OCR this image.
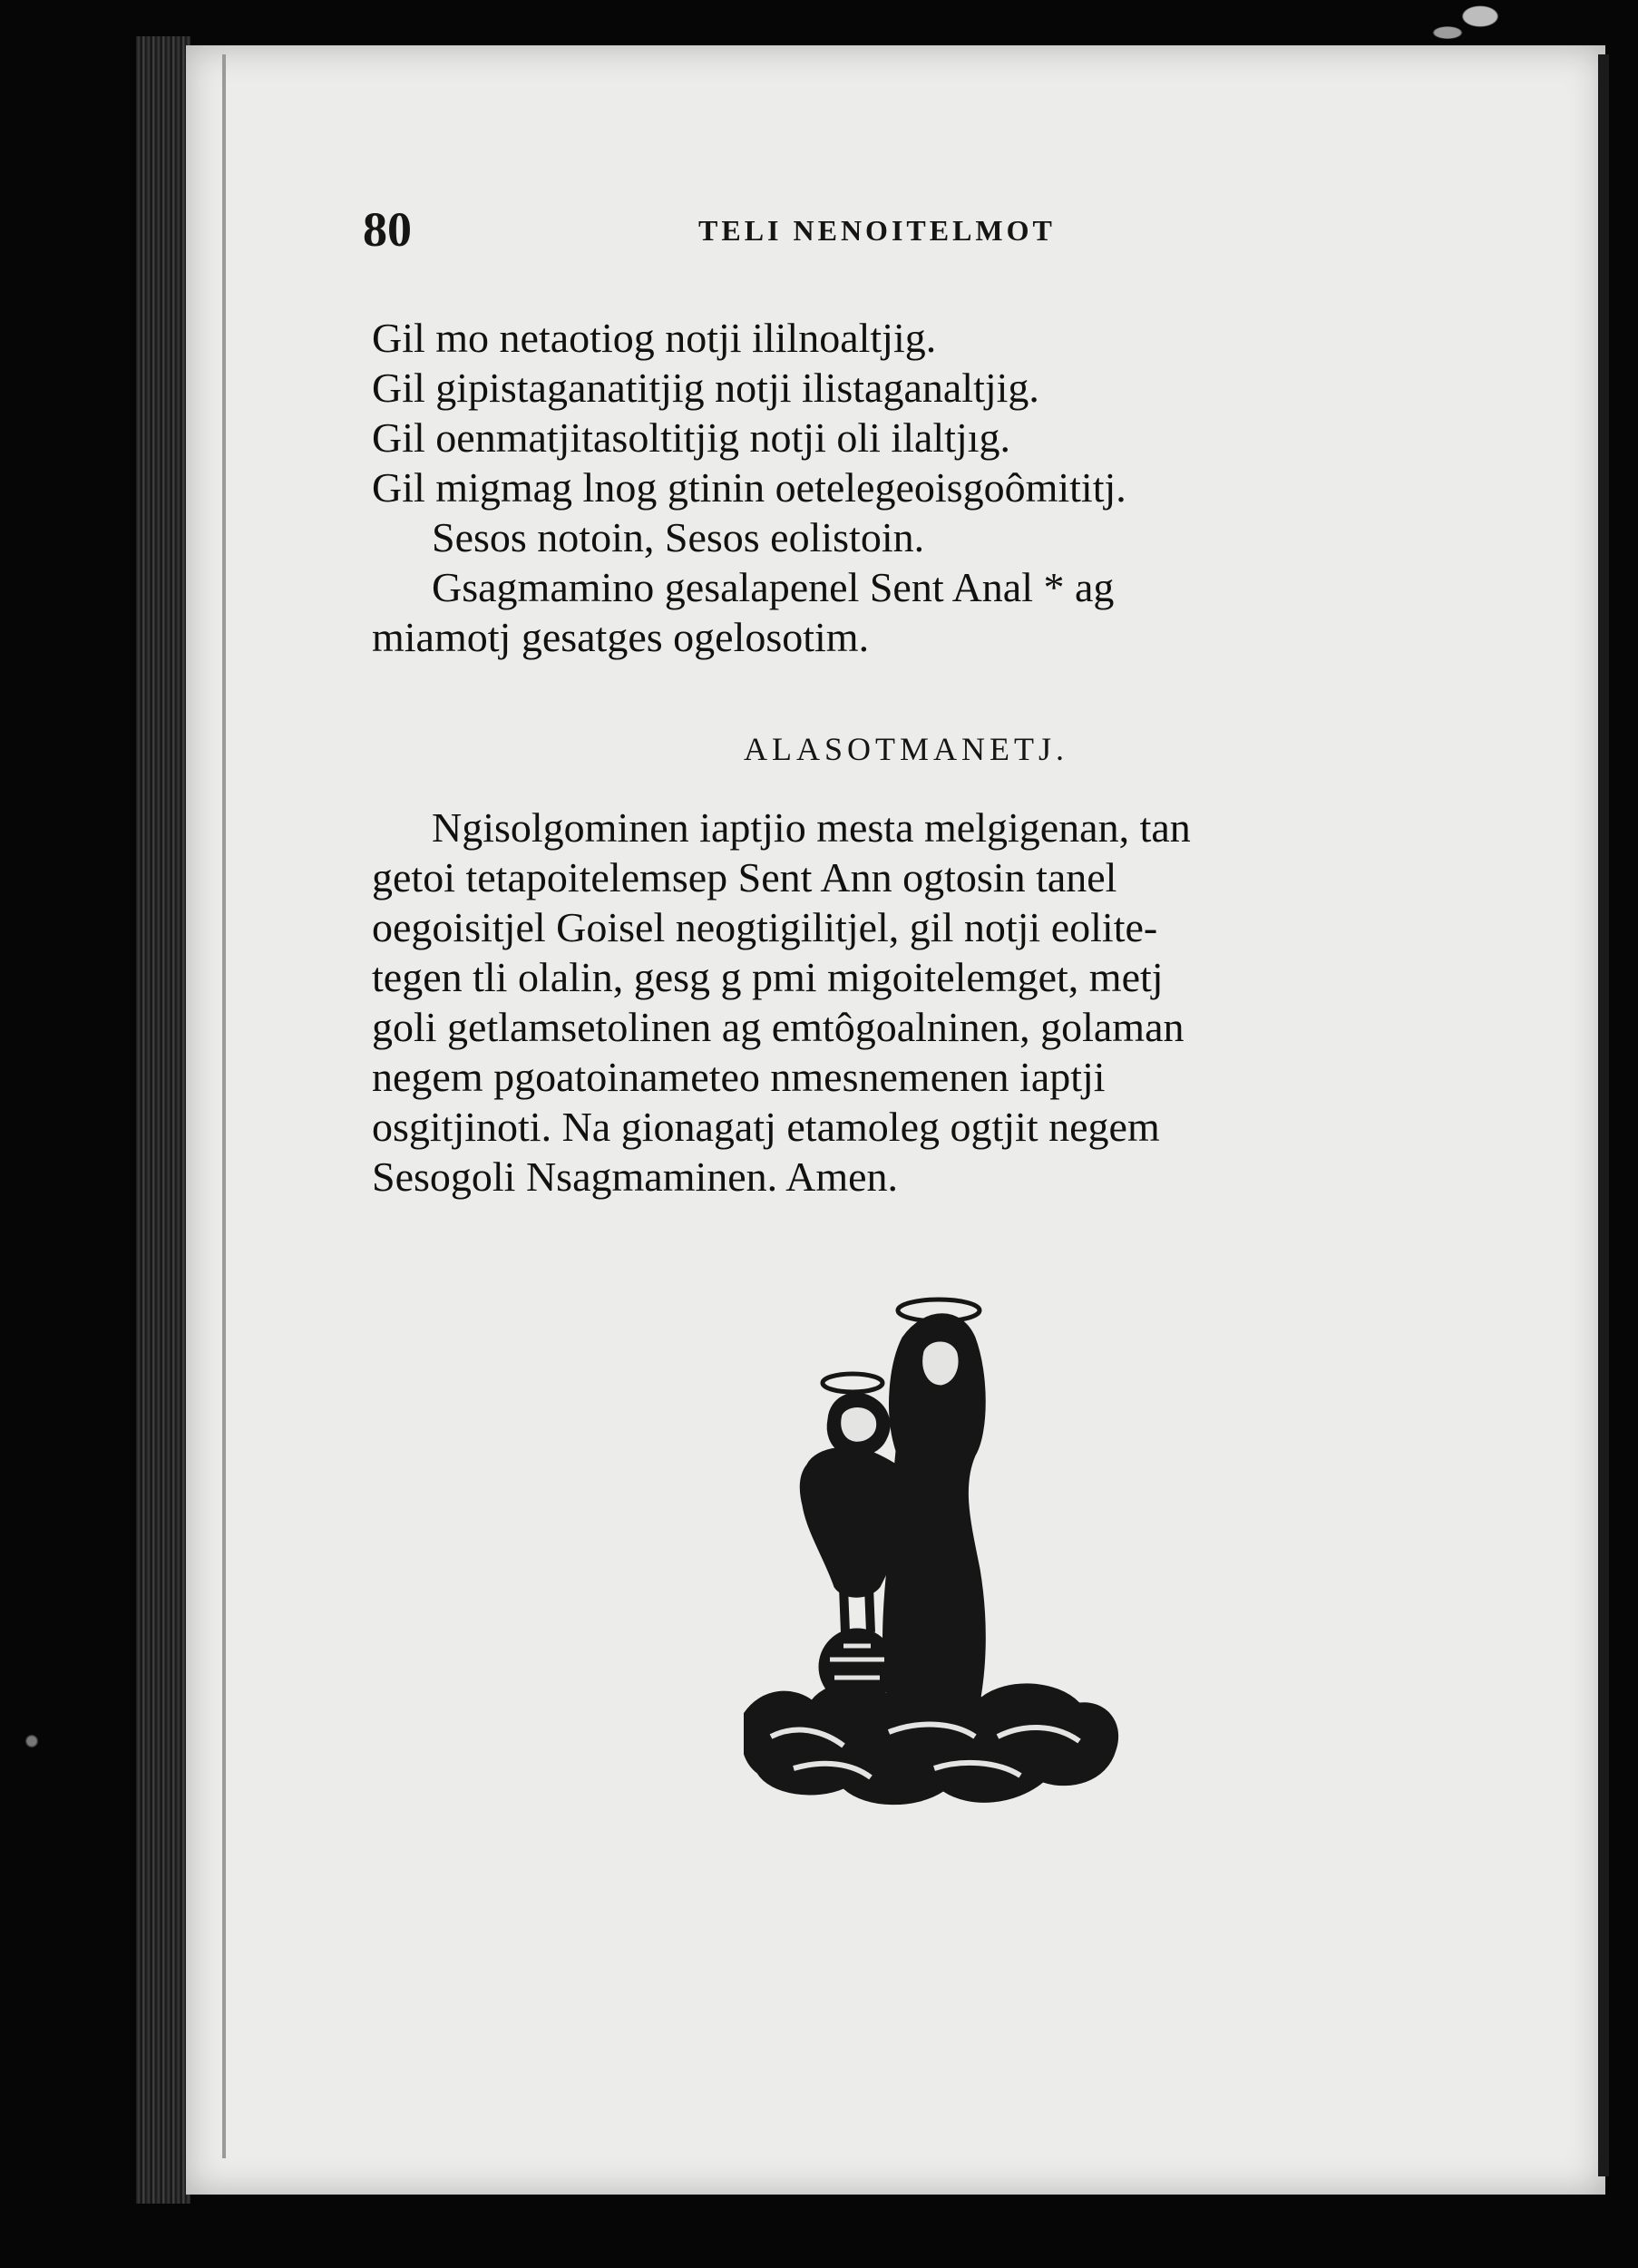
80	TELI NENOITELMOT

Gil mo netaotiog notji ililnoaltjig.

Gil gipistaganatitjig notji ilistaganaltjig.

Gil oenmatjitasoltitjig notji oli ilaltjıg.

Gil migmag lnog gtinin oetelegeoisgoômititj.

Sesos notoin, Sesos eolistoin.

Gsagmamino gesalapenel Sent Anal * ag

miamotj gesatges ogelosotim.

ALASOTMANETJ.

Ngisolgominen iaptjio mesta melgigenan, tan

getoi tetapoitelemsep Sent Ann ogtosin tanel

oegoisitjel Goisel neogtigilitjel, gil notji eolite-

tegen tli olalin, gesg g pmi migoitelemget, metj

goli getlamsetolinen ag emtôgoalninen, golaman

negem pgoatoinameteo nmesnemenen iaptji

osgitjinoti. Na gionagatj etamoleg ogtjit negem

Sesogoli Nsagmaminen. Amen.
